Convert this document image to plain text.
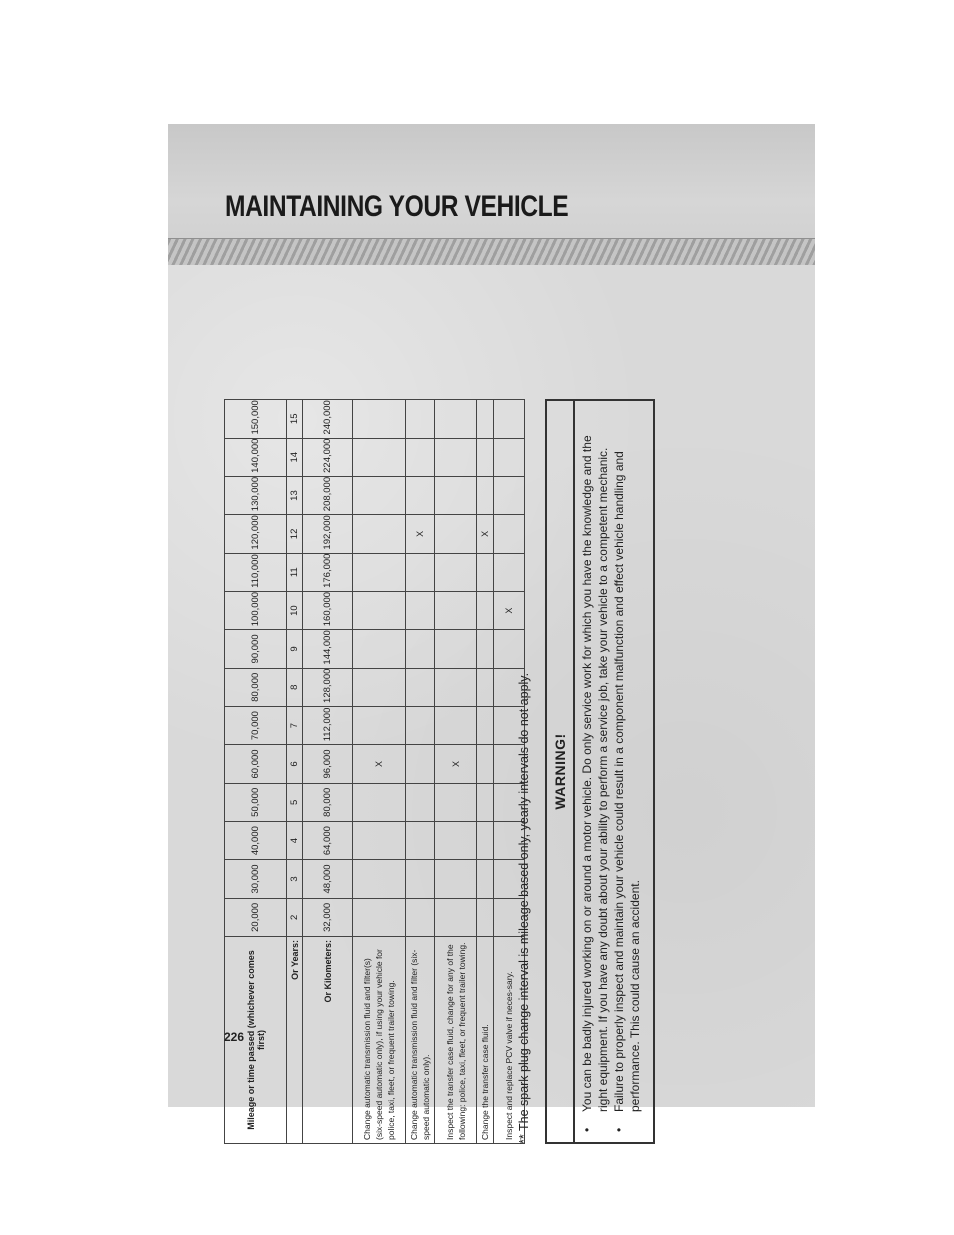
MAINTAINING YOUR VEHICLE
Mileage or time passed (whichever comes first)	20,000	30,000	40,000	50,000	60,000	70,000	80,000	90,000	100,000	110,000	120,000	130,000	140,000	150,000
Or Years:	2	3	4	5	6	7	8	9	10	11	12	13	14	15
Or Kilometers:	32,000	48,000	64,000	80,000	96,000	112,000	128,000	144,000	160,000	176,000	192,000	208,000	224,000	240,000
Change automatic transmission fluid and filter(s) (six-speed automatic only), if using your vehicle for police, taxi, fleet, or frequent trailer towing.					X									
Change automatic transmission fluid and filter (six-speed automatic only).											X			
Inspect the transfer case fluid, change for any of the following: police, taxi, fleet, or frequent trailer towing.					X									
Change the transfer case fluid.											X			
Inspect and replace PCV valve if neces-sary.									X					
** The spark plug change interval is mileage based only, yearly intervals do not apply.	WARNING!
•
You can be badly injured working on or around a motor vehicle. Do only service work for which you have the knowledge and the right equipment. If you have any doubt about your ability to perform a service job, take your vehicle to a competent mechanic.
•
Failure to properly inspect and maintain your vehicle could result in a component malfunction and effect vehicle handling and performance. This could cause an accident.
226
